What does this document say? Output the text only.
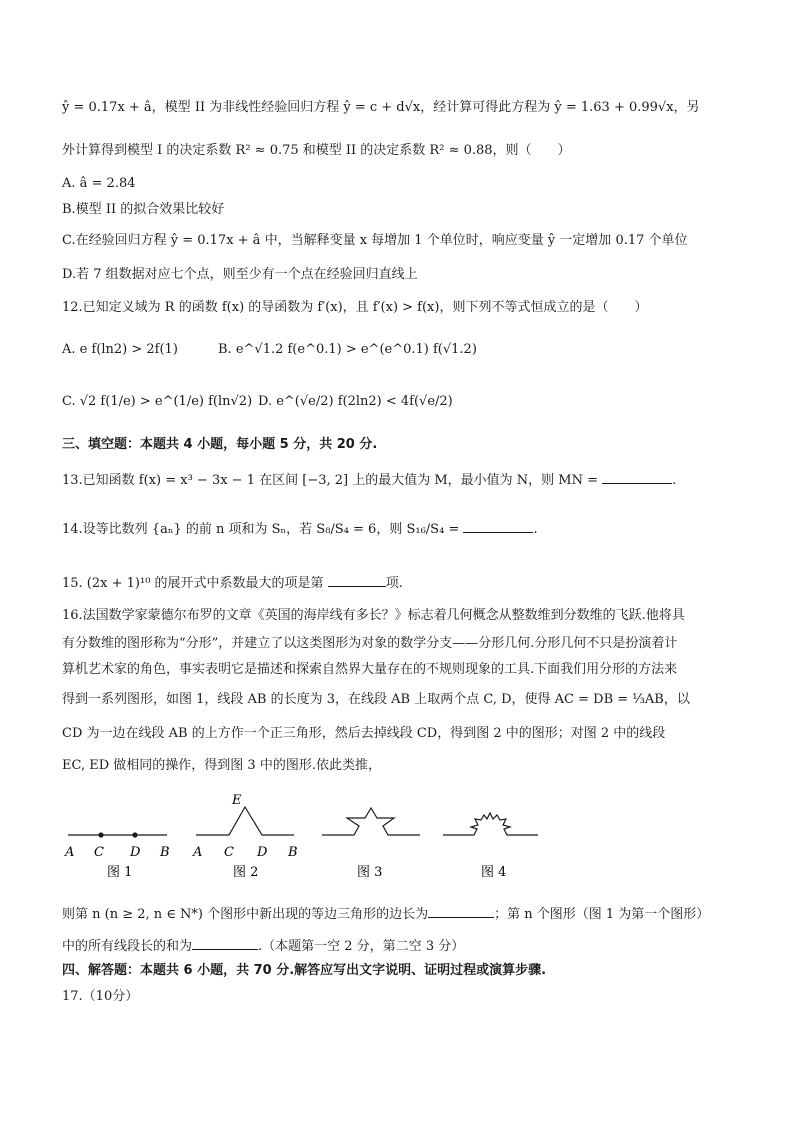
ŷ = 0.17x + â，模型 II 为非线性经验回归方程 ŷ = c + d√x，经计算可得此方程为 ŷ = 1.63 + 0.99√x，另
外计算得到模型 I 的决定系数 R² ≈ 0.75 和模型 II 的决定系数 R² ≈ 0.88，则（　　）
A. â = 2.84
B.模型 II 的拟合效果比较好
C.在经验回归方程 ŷ = 0.17x + â 中，当解释变量 x 每增加 1 个单位时，响应变量 ŷ 一定增加 0.17 个单位
D.若 7 组数据对应七个点，则至少有一个点在经验回归直线上
12.已知定义域为 R 的函数 f(x) 的导函数为 f′(x)，且 f′(x) > f(x)，则下列不等式恒成立的是（　　）
A. e f(ln2) > 2f(1)	B. e^√1.2 f(e^0.1) > e^(e^0.1) f(√1.2)
C. √2 f(1/e) > e^(1/e) f(ln√2) D. e^(√e/2) f(2ln2) < 4f(√e/2)
三、填空题：本题共 4 小题，每小题 5 分，共 20 分.
13.已知函数 f(x) = x³ − 3x − 1 在区间 [−3, 2] 上的最大值为 M，最小值为 N，则 MN =	.
14.设等比数列 {aₙ} 的前 n 项和为 Sₙ，若 S₈/S₄ = 6，则 S₁₆/S₄ =	.
15. (2x + 1)¹⁰ 的展开式中系数最大的项是第	项.
16.法国数学家蒙德尔布罗的文章《英国的海岸线有多长？》标志着几何概念从整数维到分数维的飞跃.他将具
有分数维的图形称为“分形”，并建立了以这类图形为对象的数学分支——分形几何.分形几何不只是扮演着计
算机艺术家的角色，事实表明它是描述和探索自然界大量存在的不规则现象的工具.下面我们用分形的方法来
得到一系列图形，如图 1，线段 AB 的长度为 3，在线段 AB 上取两个点 C, D，使得 AC = DB = ⅓AB，以
CD 为一边在线段 AB 的上方作一个正三角形，然后去掉线段 CD，得到图 2 中的图形；对图 2 中的线段
EC, ED 做相同的操作，得到图 3 中的图形.依此类推，
A C D B
图 1
E
A C D B
图 2	图 3	图 4
则第 n (n ≥ 2, n ∈ N*) 个图形中新出现的等边三角形的边长为	；第 n 个图形（图 1 为第一个图形）
中的所有线段长的和为	.（本题第一空 2 分，第二空 3 分）
四、解答题：本题共 6 小题，共 70 分.解答应写出文字说明、证明过程或演算步骤.
17.（10分）
